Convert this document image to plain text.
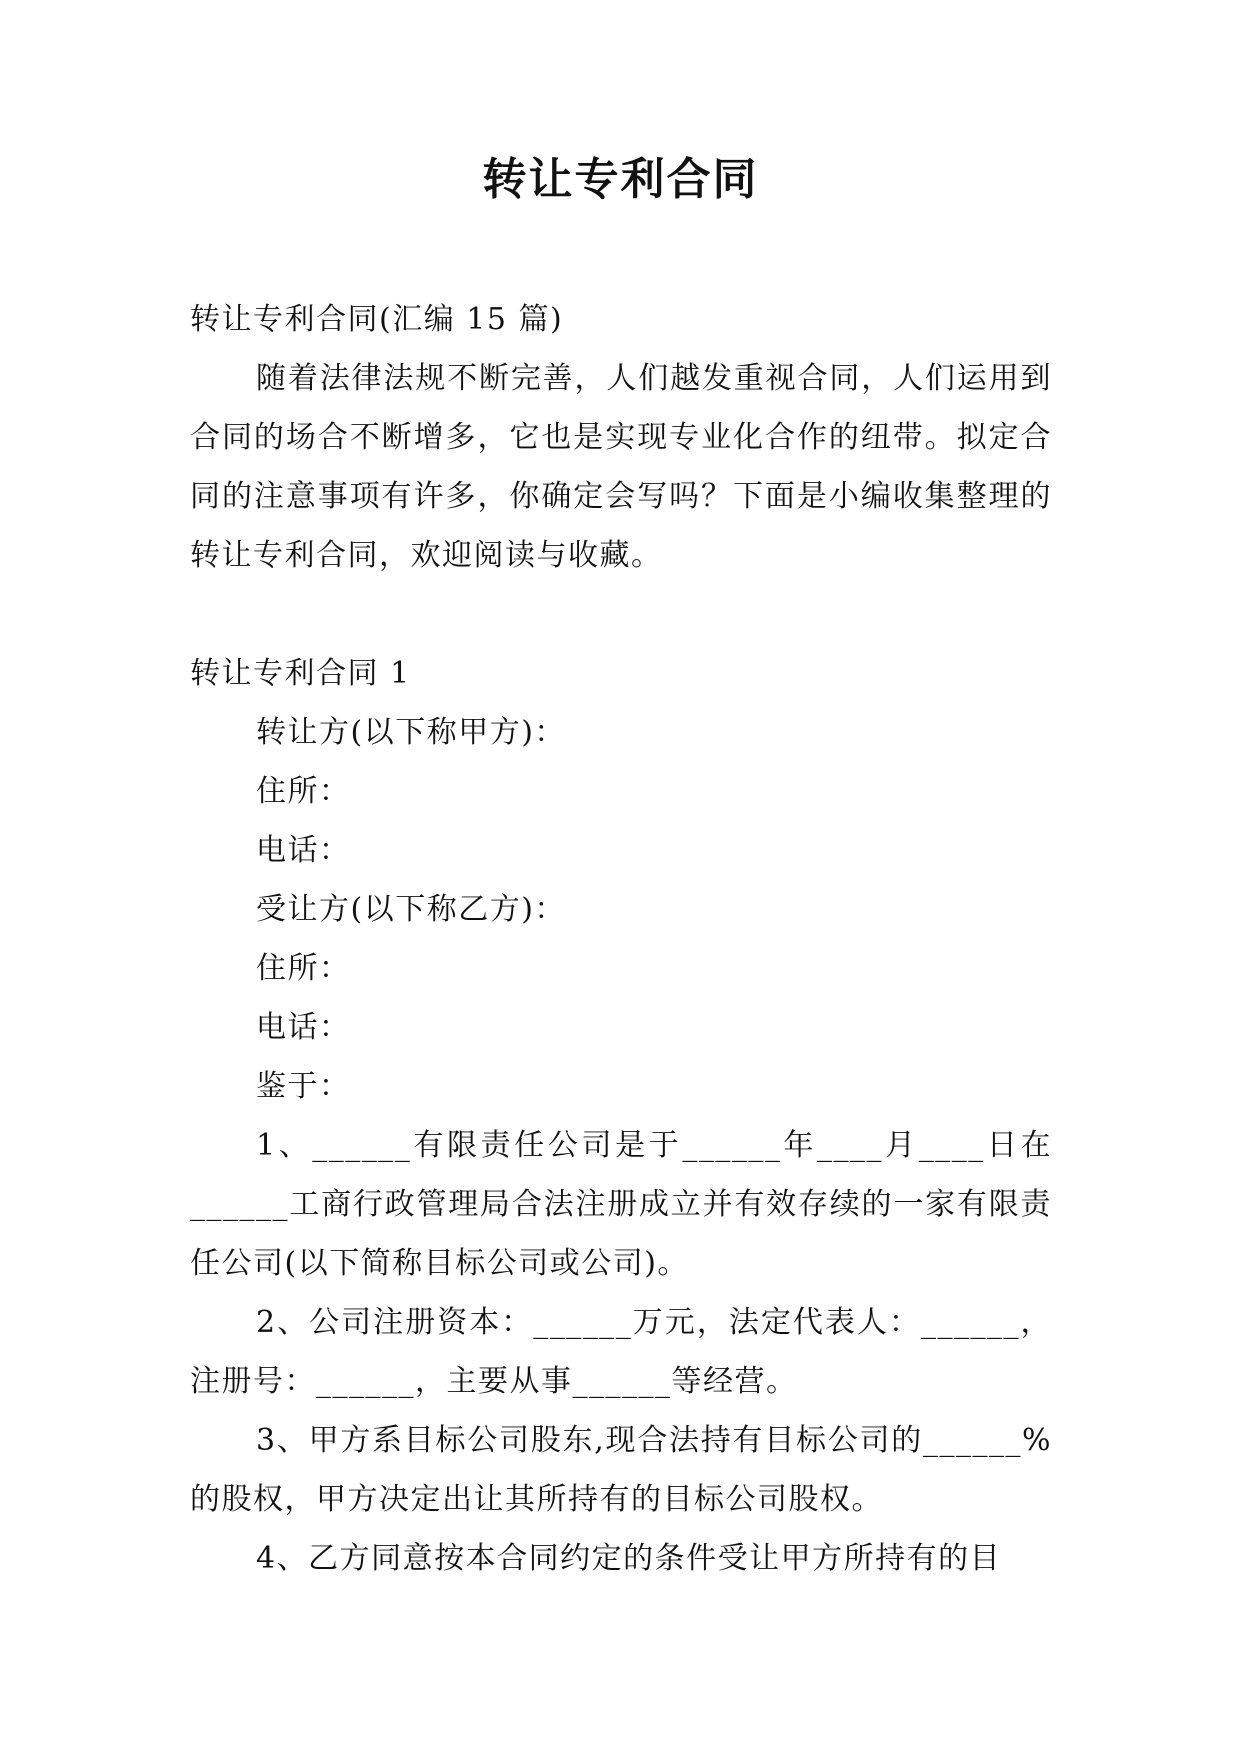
转让专利合同

转让专利合同(汇编 15 篇)

随着法律法规不断完善，人们越发重视合同，人们运用到合同的场合不断增多，它也是实现专业化合作的纽带。拟定合同的注意事项有许多，你确定会写吗？下面是小编收集整理的转让专利合同，欢迎阅读与收藏。

转让专利合同 1

转让方(以下称甲方)：

住所：

电话：

受让方(以下称乙方)：

住所：

电话：

鉴于：

1、______有限责任公司是于______年____月____日在______工商行政管理局合法注册成立并有效存续的一家有限责任公司(以下简称目标公司或公司)。

2、公司注册资本：______万元，法定代表人：______，注册号：______，主要从事______等经营。

3、甲方系目标公司股东,现合法持有目标公司的______%的股权，甲方决定出让其所持有的目标公司股权。

4、乙方同意按本合同约定的条件受让甲方所持有的目
